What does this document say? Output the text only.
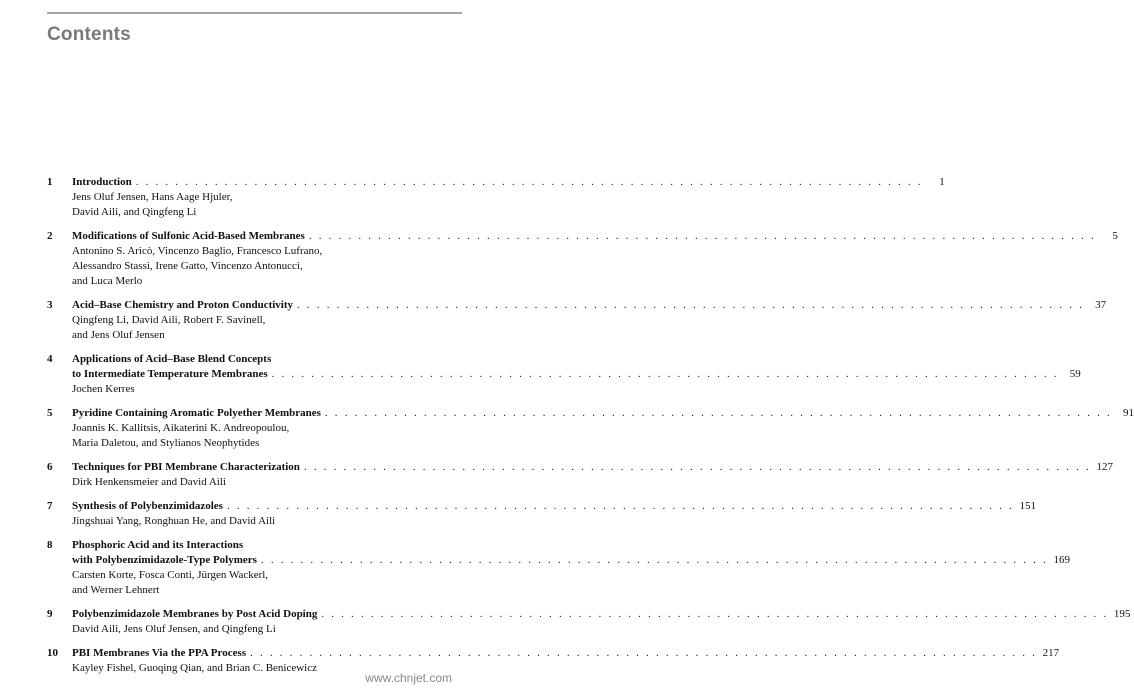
Contents
1 Introduction . . . . . . . . . . . . . . . . . . . . . . . . . . . . . . . . . . . . . . . . . . . . . . . . . . . . . . . . . . . . . . . . . . . . . . . . . . . . . . . .	1
Jens Oluf Jensen, Hans Aage Hjuler,
David Aili, and Qingfeng Li
2 Modifications of Sulfonic Acid-Based Membranes . . . . . . . . . . . . . . . . . . . . . . . . . . . . . . . . . . . . . . . . . . . . . . . . . . . . . . . . . . . . . . . . . . . . . . . . . . . . . . . .	5
Antonino S. Aricò, Vincenzo Baglio, Francesco Lufrano,
Alessandro Stassi, Irene Gatto, Vincenzo Antonucci,
and Luca Merlo
3 Acid–Base Chemistry and Proton Conductivity . . . . . . . . . . . . . . . . . . . . . . . . . . . . . . . . . . . . . . . . . . . . . . . . . . . . . . . . . . . . . . . . . . . . . . . . . . . . . . . .	37
Qingfeng Li, David Aili, Robert F. Savinell,
and Jens Oluf Jensen
4 Applications of Acid–Base Blend Concepts
to Intermediate Temperature Membranes . . . . . . . . . . . . . . . . . . . . . . . . . . . . . . . . . . . . . . . . . . . . . . . . . . . . . . . . . . . . . . . . . . . . . . . . . . . . . . . .	59
Jochen Kerres
5 Pyridine Containing Aromatic Polyether Membranes . . . . . . . . . . . . . . . . . . . . . . . . . . . . . . . . . . . . . . . . . . . . . . . . . . . . . . . . . . . . . . . . . . . . . . . . . . . . . . . .	91
Joannis K. Kallitsis, Aikaterini K. Andreopoulou,
Maria Daletou, and Stylianos Neophytides
6 Techniques for PBI Membrane Characterization . . . . . . . . . . . . . . . . . . . . . . . . . . . . . . . . . . . . . . . . . . . . . . . . . . . . . . . . . . . . . . . . . . . . . . . . . . . . . . . . 127
Dirk Henkensmeier and David Aili
7 Synthesis of Polybenzimidazoles . . . . . . . . . . . . . . . . . . . . . . . . . . . . . . . . . . . . . . . . . . . . . . . . . . . . . . . . . . . . . . . . . . . . . . . . . . . . . . . . 151
Jingshuai Yang, Ronghuan He, and David Aili
8 Phosphoric Acid and its Interactions
with Polybenzimidazole-Type Polymers . . . . . . . . . . . . . . . . . . . . . . . . . . . . . . . . . . . . . . . . . . . . . . . . . . . . . . . . . . . . . . . . . . . . . . . . . . . . . . . . 169
Carsten Korte, Fosca Conti, Jürgen Wackerl,
and Werner Lehnert
9 Polybenzimidazole Membranes by Post Acid Doping . . . . . . . . . . . . . . . . . . . . . . . . . . . . . . . . . . . . . . . . . . . . . . . . . . . . . . . . . . . . . . . . . . . . . . . . . . . . . . . . 195
David Aili, Jens Oluf Jensen, and Qingfeng Li
10 PBI Membranes Via the PPA Process . . . . . . . . . . . . . . . . . . . . . . . . . . . . . . . . . . . . . . . . . . . . . . . . . . . . . . . . . . . . . . . . . . . . . . . . . . . . . . . . 217
Kayley Fishel, Guoqing Qian, and Brian C. Benicewicz
www.chnjet.com
